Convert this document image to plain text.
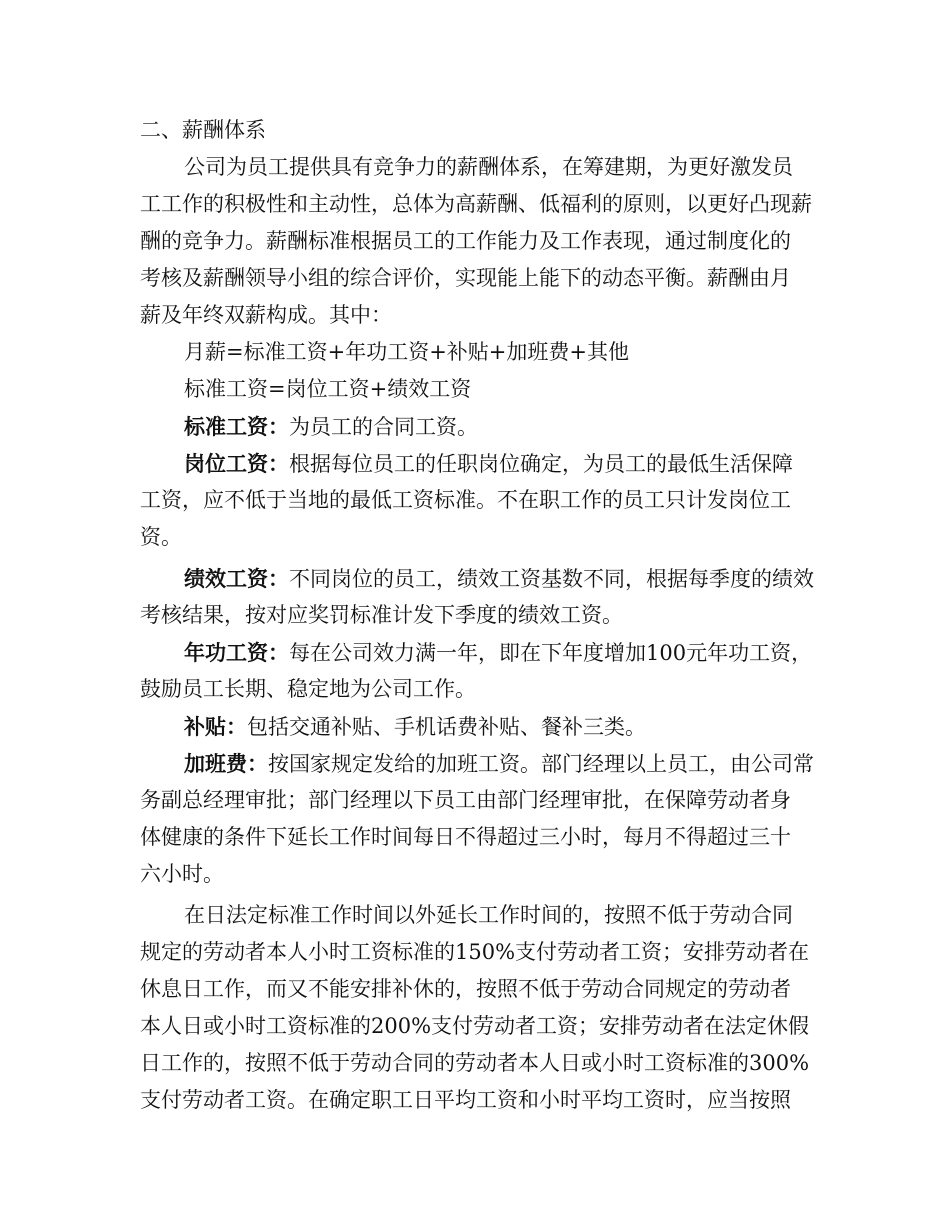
二、薪酬体系
公司为员工提供具有竞争力的薪酬体系，在筹建期，为更好激发员
工工作的积极性和主动性，总体为高薪酬、低福利的原则，以更好凸现薪
酬的竞争力。薪酬标准根据员工的工作能力及工作表现，通过制度化的
考核及薪酬领导小组的综合评价，实现能上能下的动态平衡。薪酬由月
薪及年终双薪构成。其中：
月薪=标准工资+年功工资+补贴+加班费+其他
标准工资=岗位工资+绩效工资
标准工资：为员工的合同工资。
岗位工资：根据每位员工的任职岗位确定，为员工的最低生活保障
工资，应不低于当地的最低工资标准。不在职工作的员工只计发岗位工
资。
绩效工资：不同岗位的员工，绩效工资基数不同，根据每季度的绩效
考核结果，按对应奖罚标准计发下季度的绩效工资。
年功工资：每在公司效力满一年，即在下年度增加100元年功工资，
鼓励员工长期、稳定地为公司工作。
补贴：包括交通补贴、手机话费补贴、餐补三类。
加班费：按国家规定发给的加班工资。部门经理以上员工，由公司常
务副总经理审批；部门经理以下员工由部门经理审批，在保障劳动者身
体健康的条件下延长工作时间每日不得超过三小时，每月不得超过三十
六小时。
在日法定标准工作时间以外延长工作时间的，按照不低于劳动合同
规定的劳动者本人小时工资标准的150%支付劳动者工资；安排劳动者在
休息日工作，而又不能安排补休的，按照不低于劳动合同规定的劳动者
本人日或小时工资标准的200%支付劳动者工资；安排劳动者在法定休假
日工作的，按照不低于劳动合同的劳动者本人日或小时工资标准的300%
支付劳动者工资。在确定职工日平均工资和小时平均工资时，应当按照
